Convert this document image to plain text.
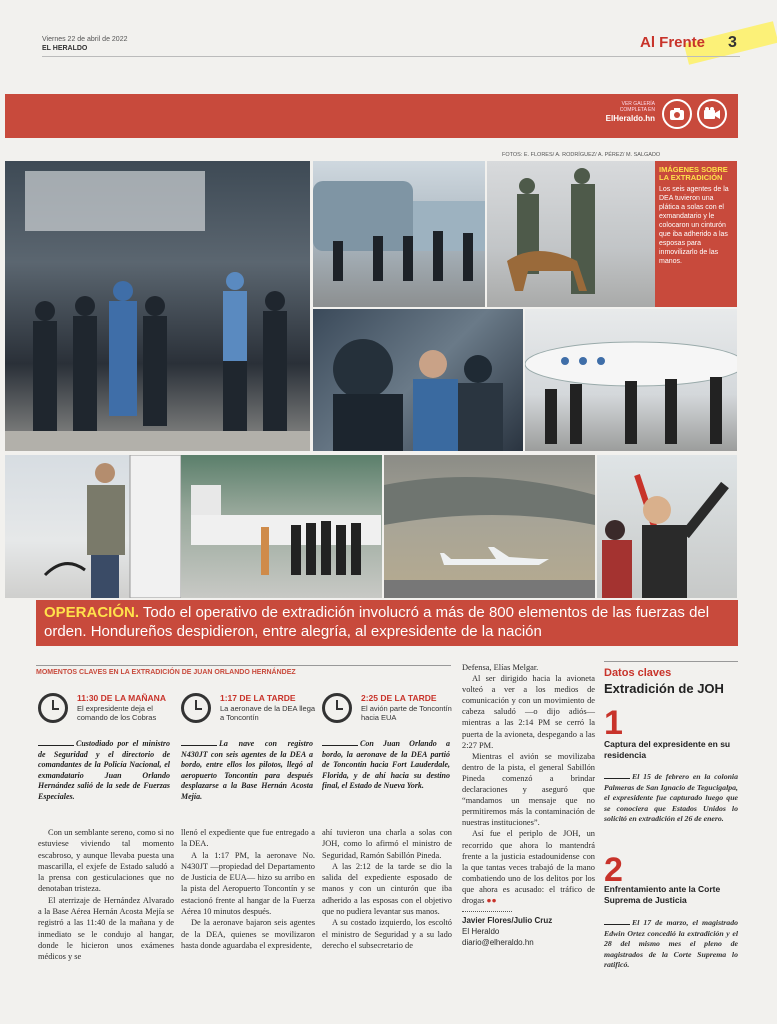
Viernes 22 de abril de 2022
EL HERALDO	Al Frente 3
VER GALERÍA COMPLETA EN
ElHeraldo.hn
FOTOS: E. FLORES/ A. RODRÍGUEZ/ A. PÉREZ/ M. SALGADO
IMÁGENES SOBRE LA EXTRADICIÓN
Los seis agentes de la DEA tuvieron una plática a solas con el exmandatario y le colocaron un cinturón que iba adherido a las esposas para inmovilizarlo de las manos.

OPERACIÓN. Todo el operativo de extradición involucró a más de 800 elementos de las fuerzas del orden. Hondureños despidieron, entre alegría, al expresidente de la nación

MOMENTOS CLAVES EN LA EXTRADICIÓN DE JUAN ORLANDO HERNÁNDEZ
11:30 DE LA MAÑANA
El expresidente deja el comando de los Cobras
Custodiado por el ministro de Seguridad y el directorio de comandantes de la Policía Nacional, el exmandatario Juan Orlando Hernández salió de la sede de Fuerzas Especiales.
1:17 DE LA TARDE
La aeronave de la DEA llega a Toncontín
La nave con registro N430JT con seis agentes de la DEA a bordo, entre ellos los pilotos, llegó al aeropuerto Toncontín para después desplazarse a la Base Hernán Acosta Mejía.
2:25 DE LA TARDE
El avión parte de Toncontín hacia EUA
Con Juan Orlando a bordo, la aeronave de la DEA partió de Toncontín hacia Fort Lauderdale, Florida, y de ahí hacia su destino final, el Estado de Nueva York.

Con un semblante sereno, como si no estuviese viviendo tal momento escabroso, y aunque llevaba puesta una mascarilla, el exjefe de Estado saludó a la prensa con gesticulaciones que no denotaban tristeza.

El aterrizaje de Hernández Alvarado a la Base Aérea Hernán Acosta Mejía se registró a las 11:40 de la mañana y de inmediato se le condujo al hangar, donde le hicieron unos exámenes médicos y se

llenó el expediente que fue entregado a la DEA.

A la 1:17 PM, la aeronave No. N430JT —propiedad del Departamento de Justicia de EUA— hizo su arribo en la pista del Aeropuerto Toncontín y se estacionó frente al hangar de la Fuerza Aérea 10 minutos después.

De la aeronave bajaron seis agentes de la DEA, quienes se movilizaron hasta donde aguardaba el expresidente,

ahí tuvieron una charla a solas con JOH, como lo afirmó el ministro de Seguridad, Ramón Sabillón Pineda.

A las 2:12 de la tarde se dio la salida del expediente esposado de manos y con un cinturón que iba adherido a las esposas con el objetivo que no pudiera levantar sus manos.

A su costado izquierdo, los escoltó el ministro de Seguridad y a su lado derecho el subsecretario de

Defensa, Elías Melgar.

Al ser dirigido hacia la avioneta volteó a ver a los medios de comunicación y con un movimiento de cabeza saludó —o dijo adiós— mientras a las 2:14 PM se cerró la puerta de la avioneta, despegando a las 2:27 PM.

Mientras el avión se movilizaba dentro de la pista, el general Sabillón Pineda comenzó a brindar declaraciones y aseguró que “mandamos un mensaje que no permitiremos más la contaminación de nuestras instituciones”.

Así fue el periplo de JOH, un recorrido que ahora lo mantendrá frente a la justicia estadounidense con la que tantas veces trabajó de la mano combatiendo uno de los delitos por los que ahora es acusado: el tráfico de drogas ●●

Javier Flores/Julio Cruz
El Heraldo
diario@elheraldo.hn
Datos claves
Extradición de JOH
1
Captura del expresidente en su residencia
El 15 de febrero en la colonia Palmeras de San Ignacio de Tegucigalpa, el expresidente fue capturado luego que se conociera que Estados Unidos lo solicitó en extradición el 26 de enero.
2
Enfrentamiento ante la Corte Suprema de Justicia
El 17 de marzo, el magistrado Edwin Ortez concedió la extradición y el 28 del mismo mes el pleno de magistrados de la Corte Suprema lo ratificó.
